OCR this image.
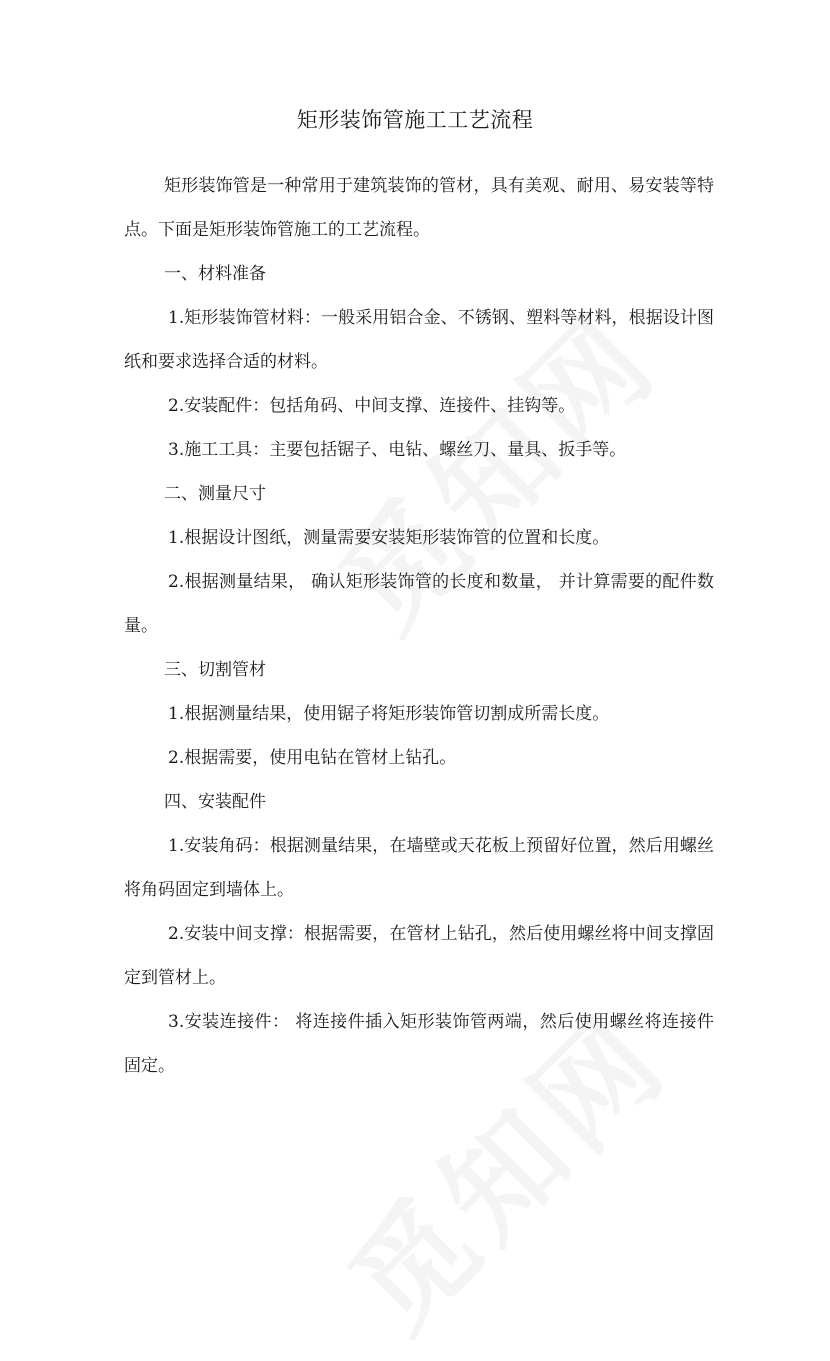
矩形装饰管施工工艺流程

矩形装饰管是一种常用于建筑装饰的管材，具有美观、耐用、易安装等特点。下面是矩形装饰管施工的工艺流程。

一、材料准备

1.矩形装饰管材料：一般采用铝合金、不锈钢、塑料等材料，根据设计图纸和要求选择合适的材料。

2.安装配件：包括角码、中间支撑、连接件、挂钩等。

3.施工工具：主要包括锯子、电钻、螺丝刀、量具、扳手等。

二、测量尺寸

1.根据设计图纸，测量需要安装矩形装饰管的位置和长度。

2.根据测量结果， 确认矩形装饰管的长度和数量， 并计算需要的配件数量。

三、切割管材

1.根据测量结果，使用锯子将矩形装饰管切割成所需长度。

2.根据需要，使用电钻在管材上钻孔。

四、安装配件

1.安装角码：根据测量结果，在墙壁或天花板上预留好位置，然后用螺丝将角码固定到墙体上。

2.安装中间支撑：根据需要，在管材上钻孔，然后使用螺丝将中间支撑固定到管材上。

3.安装连接件： 将连接件插入矩形装饰管两端，然后使用螺丝将连接件固定。
